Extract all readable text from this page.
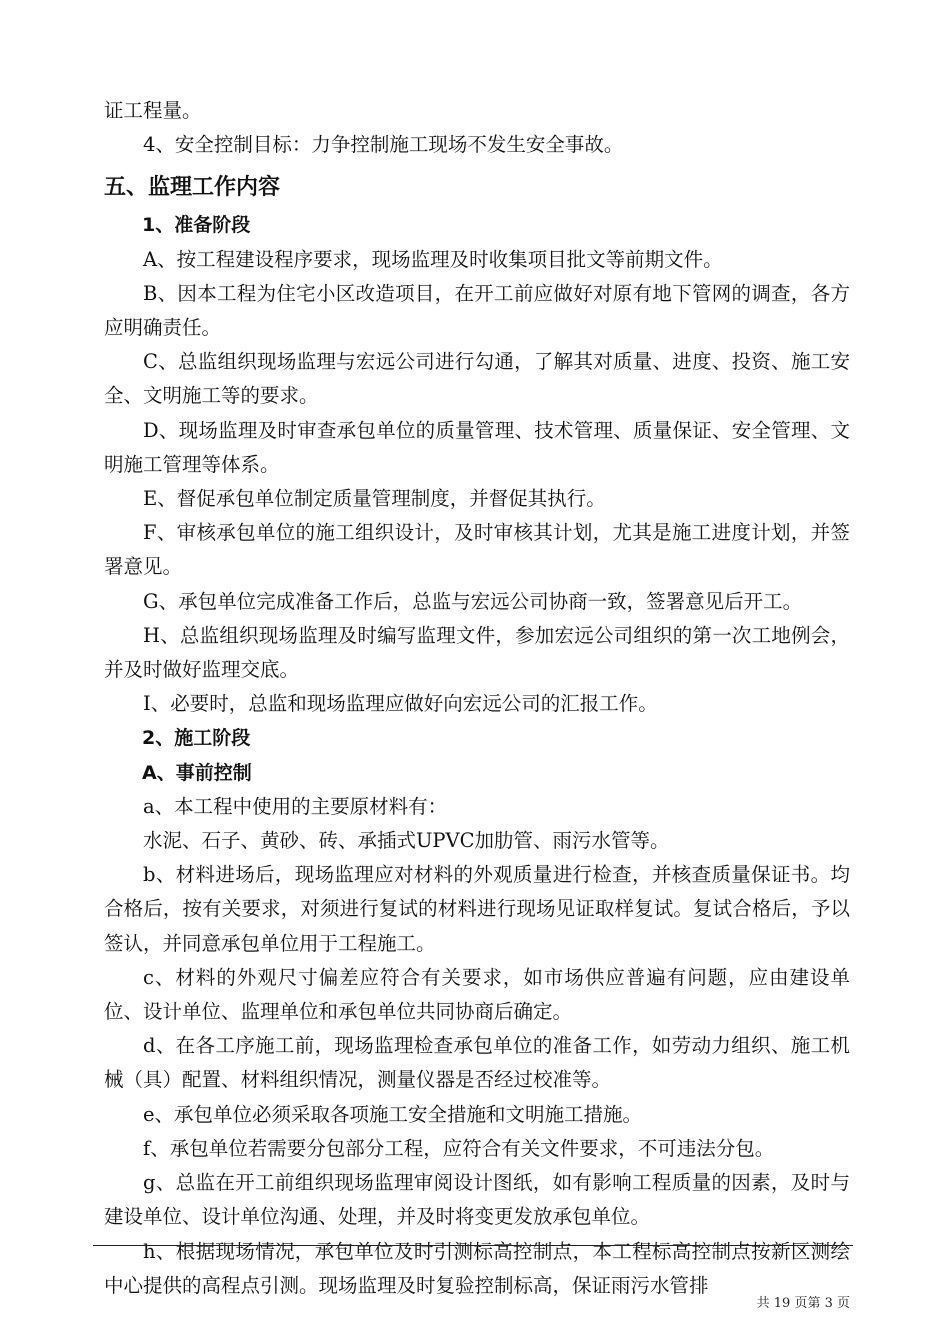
证工程量。

4、安全控制目标：力争控制施工现场不发生安全事故。

五、监理工作内容

1、准备阶段

A、按工程建设程序要求，现场监理及时收集项目批文等前期文件。

B、因本工程为住宅小区改造项目，在开工前应做好对原有地下管网的调查，各方应明确责任。

C、总监组织现场监理与宏远公司进行勾通，了解其对质量、进度、投资、施工安全、文明施工等的要求。

D、现场监理及时审查承包单位的质量管理、技术管理、质量保证、安全管理、文明施工管理等体系。

E、督促承包单位制定质量管理制度，并督促其执行。

F、审核承包单位的施工组织设计，及时审核其计划，尤其是施工进度计划，并签署意见。

G、承包单位完成准备工作后，总监与宏远公司协商一致，签署意见后开工。

H、总监组织现场监理及时编写监理文件，参加宏远公司组织的第一次工地例会，并及时做好监理交底。

I、必要时，总监和现场监理应做好向宏远公司的汇报工作。

2、施工阶段

A、事前控制

a、本工程中使用的主要原材料有：

水泥、石子、黄砂、砖、承插式UPVC加肋管、雨污水管等。

b、材料进场后，现场监理应对材料的外观质量进行检查，并核查质量保证书。均合格后，按有关要求，对须进行复试的材料进行现场见证取样复试。复试合格后，予以签认，并同意承包单位用于工程施工。

c、材料的外观尺寸偏差应符合有关要求，如市场供应普遍有问题，应由建设单位、设计单位、监理单位和承包单位共同协商后确定。

d、在各工序施工前，现场监理检查承包单位的准备工作，如劳动力组织、施工机械（具）配置、材料组织情况，测量仪器是否经过校准等。

e、承包单位必须采取各项施工安全措施和文明施工措施。

f、承包单位若需要分包部分工程，应符合有关文件要求，不可违法分包。

g、总监在开工前组织现场监理审阅设计图纸，如有影响工程质量的因素，及时与建设单位、设计单位沟通、处理，并及时将变更发放承包单位。

h、根据现场情况，承包单位及时引测标高控制点，本工程标高控制点按新区测绘中心提供的高程点引测。现场监理及时复验控制标高，保证雨污水管排

共 19 页第 3 页
